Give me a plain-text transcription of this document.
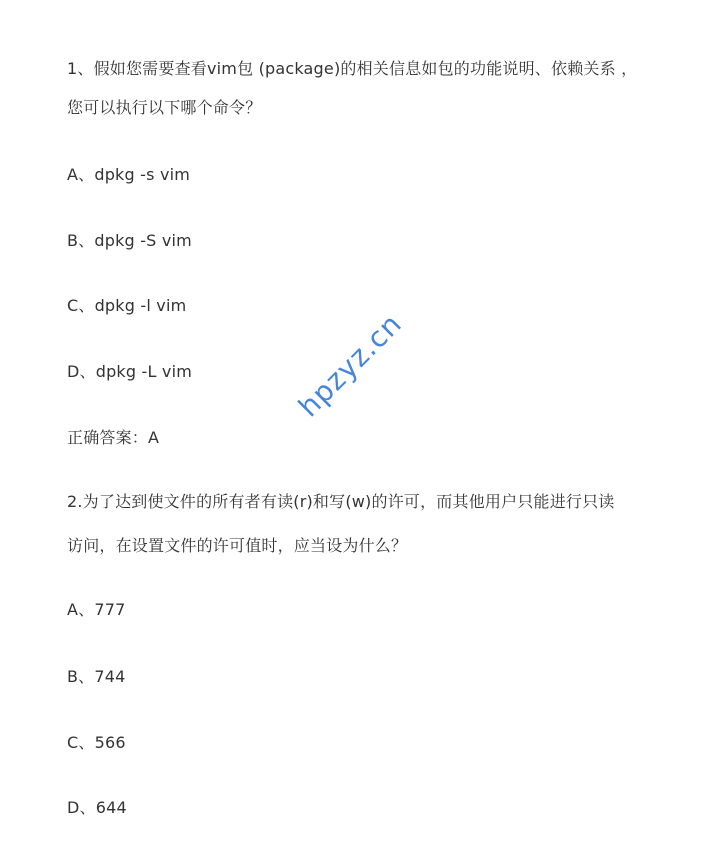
1、假如您需要查看vim包 (package)的相关信息如包的功能说明、依赖关系 ，
您可以执行以下哪个命令？
A、dpkg -s vim
B、dpkg -S vim
C、dpkg -l vim
D、dpkg -L vim
正确答案：A
2.为了达到使文件的所有者有读(r)和写(w)的许可，而其他用户只能进行只读
访问，在设置文件的许可值时，应当设为什么？
A、777
B、744
C、566
D、644
hpzyz.cn
